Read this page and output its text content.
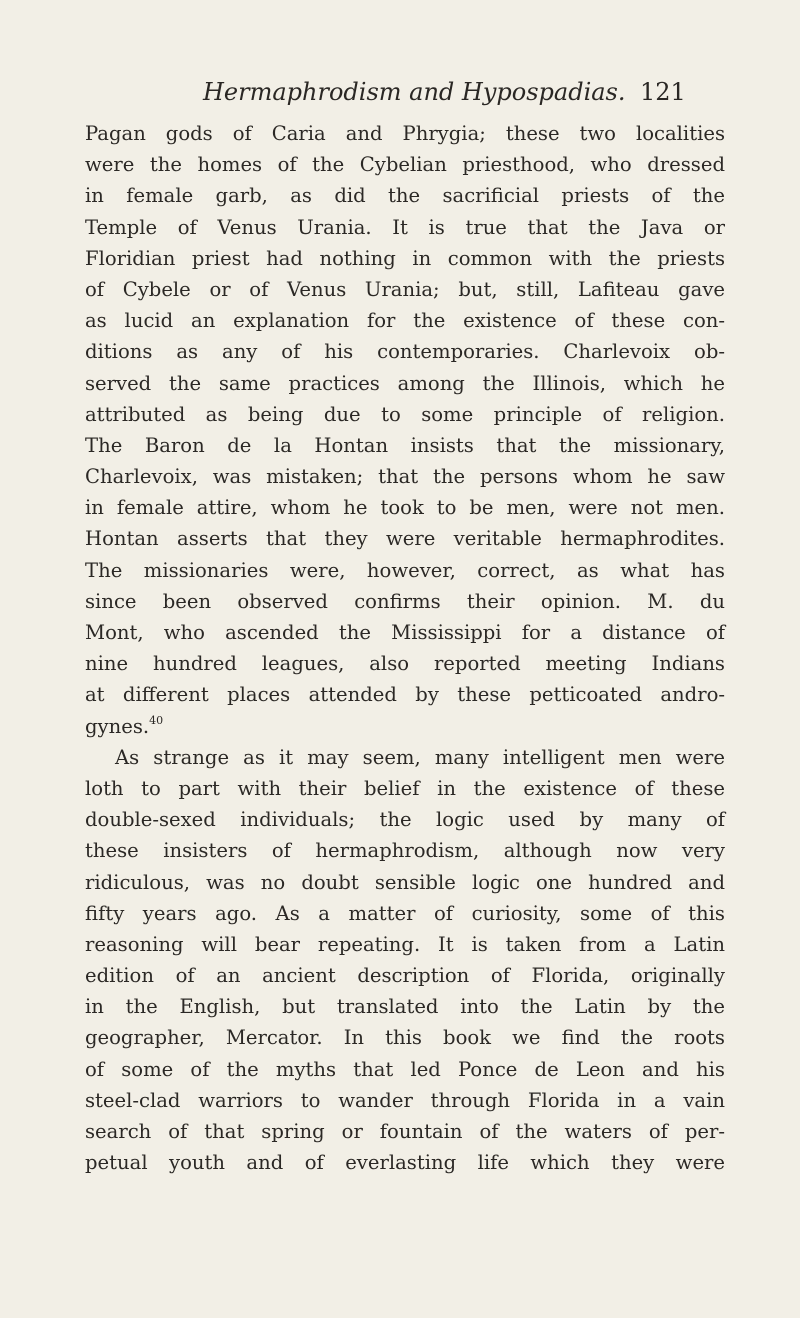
Hermaphrodism and Hypospadias. 121
Pagan gods of Caria and Phrygia; these two localities
were the homes of the Cybelian priesthood, who dressed
in female garb, as did the sacrificial priests of the
Temple of Venus Urania. It is true that the Java or
Floridian priest had nothing in common with the priests
of Cybele or of Venus Urania; but, still, Lafiteau gave
as lucid an explanation for the existence of these con-
ditions as any of his contemporaries. Charlevoix ob-
served the same practices among the Illinois, which he
attributed as being due to some principle of religion.
The Baron de la Hontan insists that the missionary,
Charlevoix, was mistaken; that the persons whom he saw
in female attire, whom he took to be men, were not men.
Hontan asserts that they were veritable hermaphrodites.
The missionaries were, however, correct, as what has
since been observed confirms their opinion. M. du
Mont, who ascended the Mississippi for a distance of
nine hundred leagues, also reported meeting Indians
at different places attended by these petticoated andro-
gynes.$^{40}$
As strange as it may seem, many intelligent men were
loth to part with their belief in the existence of these
double-sexed individuals; the logic used by many of
these insisters of hermaphrodism, although now very
ridiculous, was no doubt sensible logic one hundred and
fifty years ago. As a matter of curiosity, some of this
reasoning will bear repeating. It is taken from a Latin
edition of an ancient description of Florida, originally
in the English, but translated into the Latin by the
geographer, Mercator. In this book we find the roots
of some of the myths that led Ponce de Leon and his
steel-clad warriors to wander through Florida in a vain
search of that spring or fountain of the waters of per-
petual youth and of everlasting life which they were
